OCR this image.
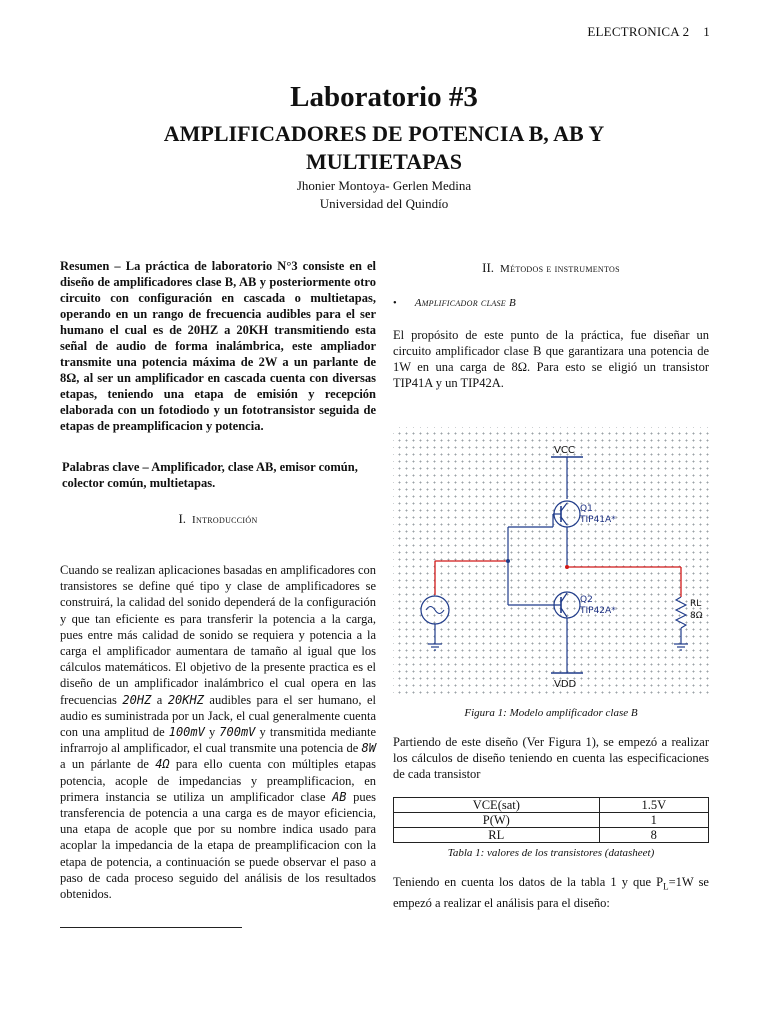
ELECTRONICA 2 1
Laboratorio #3
AMPLIFICADORES DE POTENCIA B, AB Y MULTIETAPAS
Jhonier Montoya- Gerlen Medina
Universidad del Quindío

Resumen – La práctica de laboratorio N°3 consiste en el diseño de amplificadores clase B, AB y posteriormente otro circuito con configuración en cascada o multietapas, operando en un rango de frecuencia audibles para el ser humano el cual es de 20HZ a 20KH transmitiendo esta señal de audio de forma inalámbrica, este ampliador transmite una potencia máxima de 2W a un parlante de 8Ω, al ser un amplificador en cascada cuenta con diversas etapas, teniendo una etapa de emisión y recepción elaborada con un fotodiodo y un fototransistor seguida de etapas de preamplificacion y potencia.

Palabras clave – Amplificador, clase AB, emisor común, colector común, multietapas.

I. Introducción

Cuando se realizan aplicaciones basadas en amplificadores con transistores se define qué tipo y clase de amplificadores se construirá, la calidad del sonido dependerá de la configuración y que tan eficiente es para transferir la potencia a la carga, pues entre más calidad de sonido se requiera y potencia a la carga el amplificador aumentara de tamaño al igual que los cálculos matemáticos. El objetivo de la presente practica es el diseño de un amplificador inalámbrico el cual opera en las frecuencias 20HZ a 20KHZ audibles para el ser humano, el audio es suministrada por un Jack, el cual generalmente cuenta con una amplitud de 100mV y 700mV y transmitida mediante infrarrojo al amplificador, el cual transmite una potencia de 8W a un párlante de 4Ω para ello cuenta con múltiples etapas potencia, acople de impedancias y preamplificacion, en primera instancia se utiliza un amplificador clase AB pues transferencia de potencia a una carga es de mayor eficiencia, una etapa de acople que por su nombre indica usado para acoplar la impedancia de la etapa de preamplificacion con la etapa de potencia, a continuación se puede observar el paso a paso de cada proceso seguido del análisis de los resultados obtenidos.

II. Métodos e instrumentos

• Amplificador clase B

El propósito de este punto de la práctica, fue diseñar un circuito amplificador clase B que garantizara una potencia de 1W en una carga de 8Ω. Para esto se eligió un transistor TIP41A y un TIP42A.

VCC
Q1
TIP41A*
Q2
TIP42A*
VDD
RL
8Ω

Figura 1: Modelo amplificador clase B

Partiendo de este diseño (Ver Figura 1), se empezó a realizar los cálculos de diseño teniendo en cuenta las especificaciones de cada transistor

VCE(sat)	1.5V
P(W)	1
RL	8

Tabla 1: valores de los transistores (datasheet)

Teniendo en cuenta los datos de la tabla 1 y que $P_L=1W$ se empezó a realizar el análisis para el diseño:
